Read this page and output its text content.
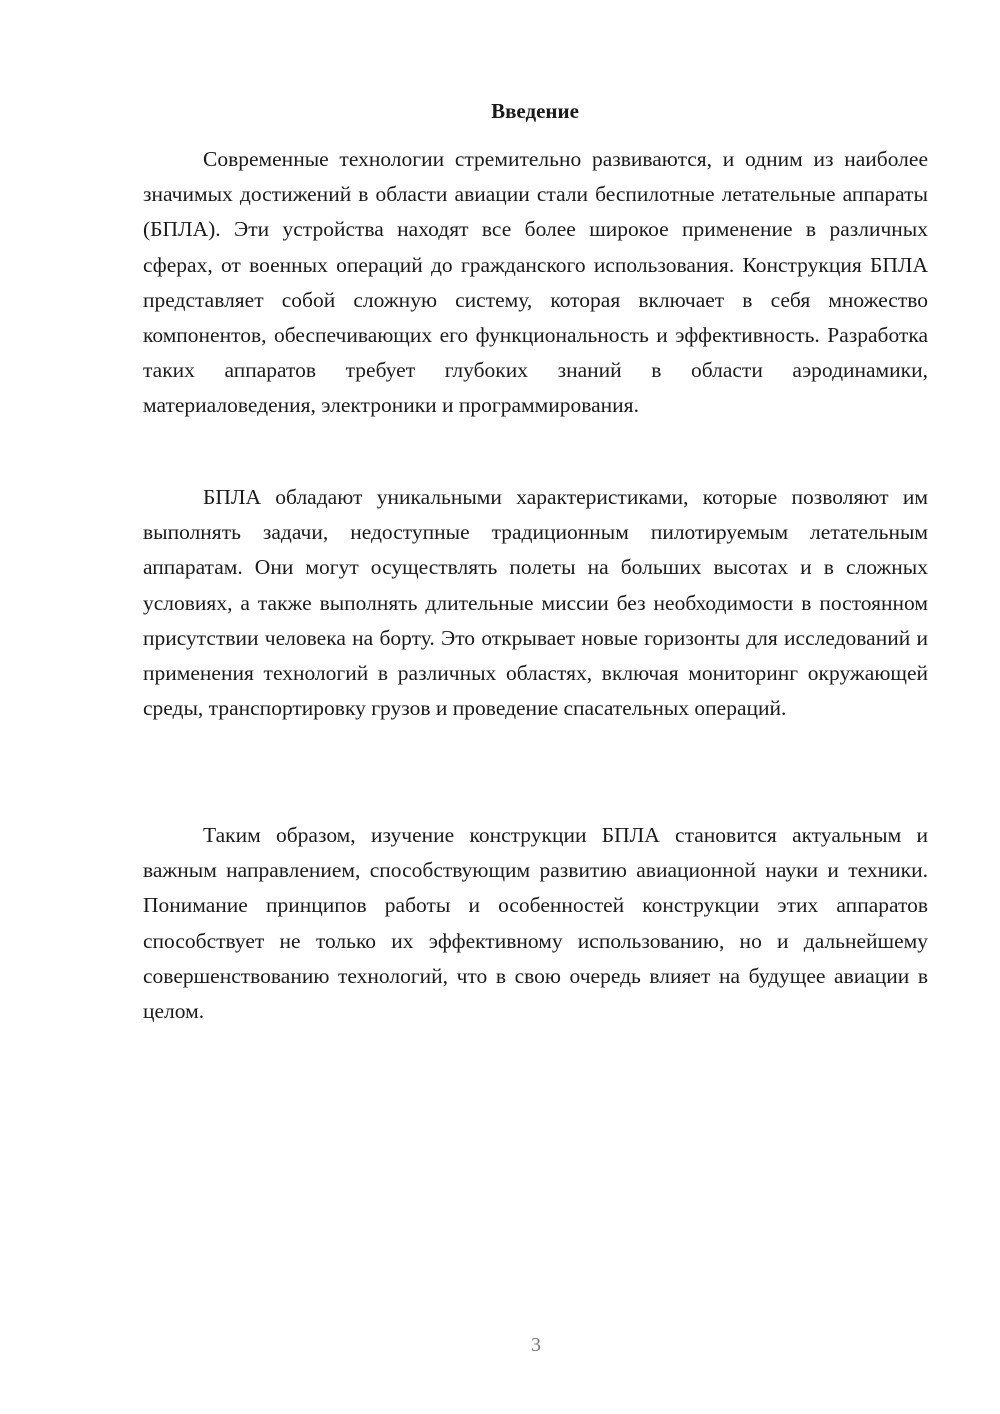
Введение

Современные технологии стремительно развиваются, и одним из наиболее значимых достижений в области авиации стали беспилотные летательные аппараты (БПЛА). Эти устройства находят все более широкое применение в различных сферах, от военных операций до гражданского использования. Конструкция БПЛА представляет собой сложную систему, которая включает в себя множество компонентов, обеспечивающих его функциональность и эффективность. Разработка таких аппаратов требует глубоких знаний в области аэродинамики, материаловедения, электроники и программирования.

БПЛА обладают уникальными характеристиками, которые позволяют им выполнять задачи, недоступные традиционным пилотируемым летательным аппаратам. Они могут осуществлять полеты на больших высотах и в сложных условиях, а также выполнять длительные миссии без необходимости в постоянном присутствии человека на борту. Это открывает новые горизонты для исследований и применения технологий в различных областях, включая мониторинг окружающей среды, транспортировку грузов и проведение спасательных операций.

Таким образом, изучение конструкции БПЛА становится актуальным и важным направлением, способствующим развитию авиационной науки и техники. Понимание принципов работы и особенностей конструкции этих аппаратов способствует не только их эффективному использованию, но и дальнейшему совершенствованию технологий, что в свою очередь влияет на будущее авиации в целом.

3
